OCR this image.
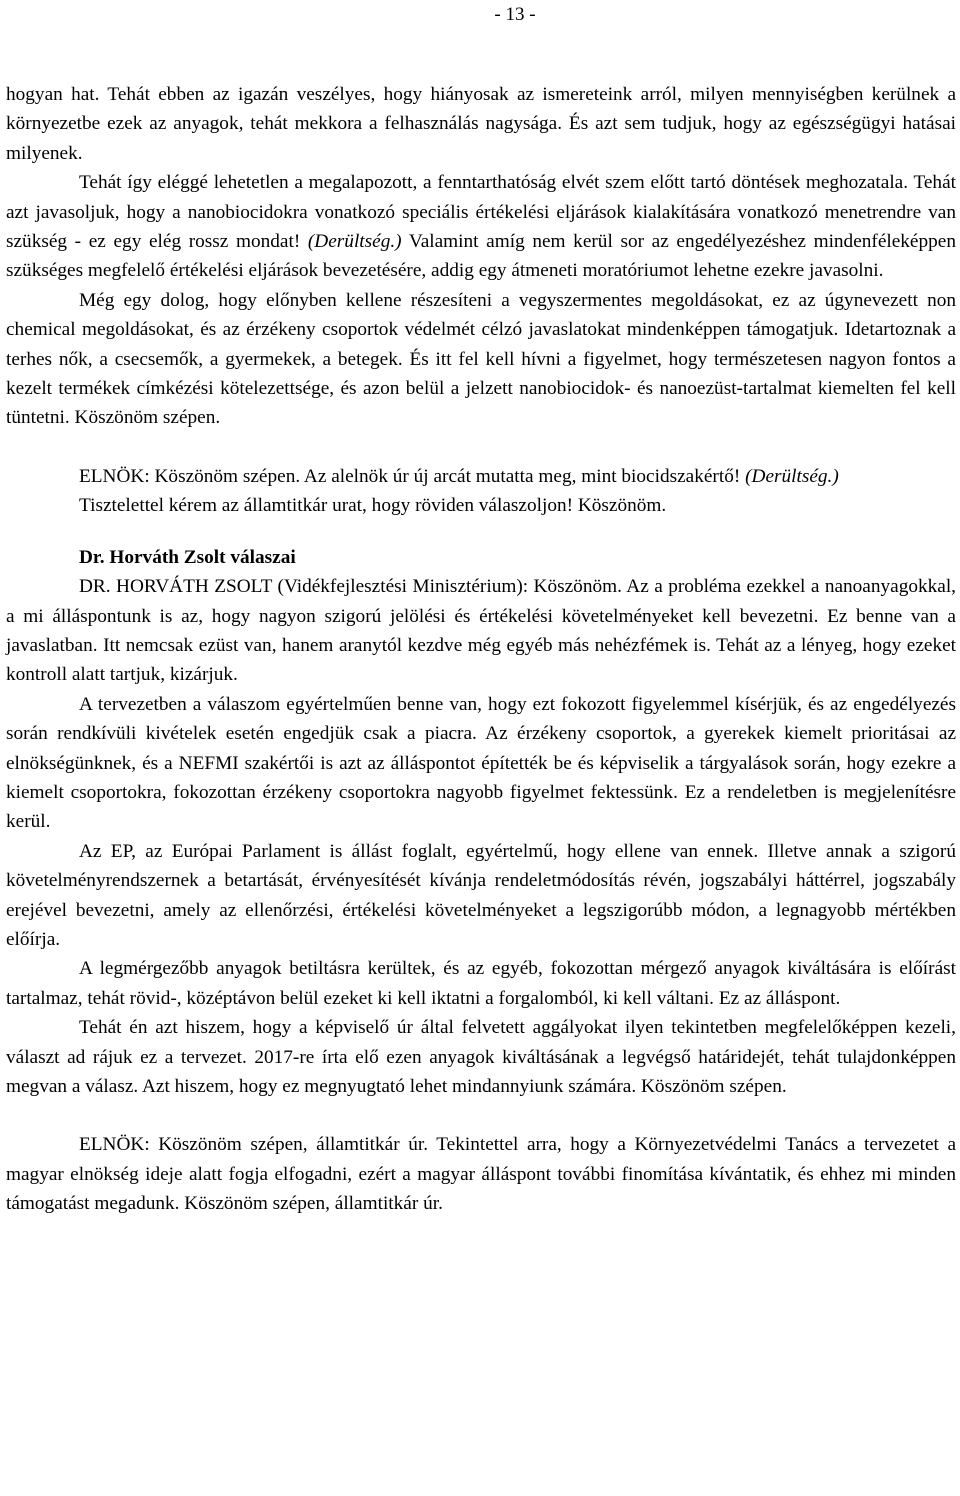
- 13 -

hogyan hat. Tehát ebben az igazán veszélyes, hogy hiányosak az ismereteink arról, milyen mennyiségben kerülnek a környezetbe ezek az anyagok, tehát mekkora a felhasználás nagysága. És azt sem tudjuk, hogy az egészségügyi hatásai milyenek.

Tehát így eléggé lehetetlen a megalapozott, a fenntarthatóság elvét szem előtt tartó döntések meghozatala. Tehát azt javasoljuk, hogy a nanobiocidokra vonatkozó speciális értékelési eljárások kialakítására vonatkozó menetrendre van szükség - ez egy elég rossz mondat! (Derültség.) Valamint amíg nem kerül sor az engedélyezéshez mindenféleképpen szükséges megfelelő értékelési eljárások bevezetésére, addig egy átmeneti moratóriumot lehetne ezekre javasolni.

Még egy dolog, hogy előnyben kellene részesíteni a vegyszermentes megoldásokat, ez az úgynevezett non chemical megoldásokat, és az érzékeny csoportok védelmét célzó javaslatokat mindenképpen támogatjuk. Idetartoznak a terhes nők, a csecsemők, a gyermekek, a betegek. És itt fel kell hívni a figyelmet, hogy természetesen nagyon fontos a kezelt termékek címkézési kötelezettsége, és azon belül a jelzett nanobiocidok- és nanoezüst-tartalmat kiemelten fel kell tüntetni. Köszönöm szépen.

ELNÖK: Köszönöm szépen. Az alelnök úr új arcát mutatta meg, mint biocidszakértő! (Derültség.)

Tisztelettel kérem az államtitkár urat, hogy röviden válaszoljon! Köszönöm.

Dr. Horváth Zsolt válaszai

DR. HORVÁTH ZSOLT (Vidékfejlesztési Minisztérium): Köszönöm. Az a probléma ezekkel a nanoanyagokkal, a mi álláspontunk is az, hogy nagyon szigorú jelölési és értékelési követelményeket kell bevezetni. Ez benne van a javaslatban. Itt nemcsak ezüst van, hanem aranytól kezdve még egyéb más nehézfémek is. Tehát az a lényeg, hogy ezeket kontroll alatt tartjuk, kizárjuk.

A tervezetben a válaszom egyértelműen benne van, hogy ezt fokozott figyelemmel kísérjük, és az engedélyezés során rendkívüli kivételek esetén engedjük csak a piacra. Az érzékeny csoportok, a gyerekek kiemelt prioritásai az elnökségünknek, és a NEFMI szakértői is azt az álláspontot építették be és képviselik a tárgyalások során, hogy ezekre a kiemelt csoportokra, fokozottan érzékeny csoportokra nagyobb figyelmet fektessünk. Ez a rendeletben is megjelenítésre kerül.

Az EP, az Európai Parlament is állást foglalt, egyértelmű, hogy ellene van ennek. Illetve annak a szigorú követelményrendszernek a betartását, érvényesítését kívánja rendeletmódosítás révén, jogszabályi háttérrel, jogszabály erejével bevezetni, amely az ellenőrzési, értékelési követelményeket a legszigorúbb módon, a legnagyobb mértékben előírja.

A legmérgezőbb anyagok betiltásra kerültek, és az egyéb, fokozottan mérgező anyagok kiváltására is előírást tartalmaz, tehát rövid-, középtávon belül ezeket ki kell iktatni a forgalomból, ki kell váltani. Ez az álláspont.

Tehát én azt hiszem, hogy a képviselő úr által felvetett aggályokat ilyen tekintetben megfelelőképpen kezeli, választ ad rájuk ez a tervezet. 2017-re írta elő ezen anyagok kiváltásának a legvégső határidejét, tehát tulajdonképpen megvan a válasz. Azt hiszem, hogy ez megnyugtató lehet mindannyiunk számára. Köszönöm szépen.

ELNÖK: Köszönöm szépen, államtitkár úr. Tekintettel arra, hogy a Környezetvédelmi Tanács a tervezetet a magyar elnökség ideje alatt fogja elfogadni, ezért a magyar álláspont további finomítása kívántatik, és ehhez mi minden támogatást megadunk. Köszönöm szépen, államtitkár úr.
